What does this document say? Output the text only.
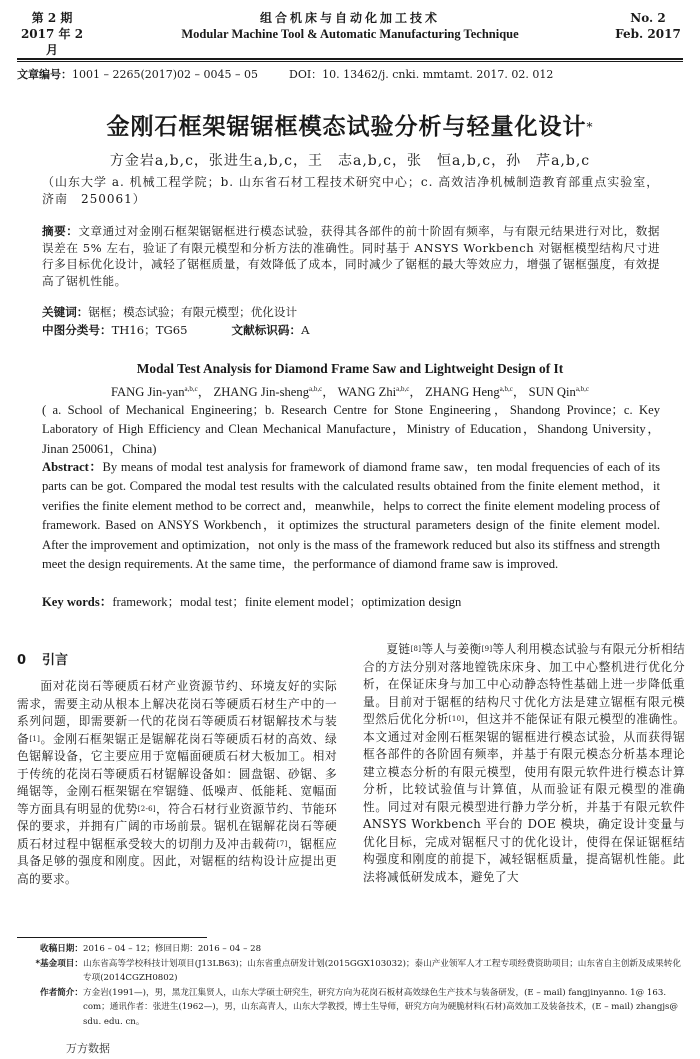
第 2 期
2017 年 2 月
组合机床与自动化加工技术
Modular Machine Tool & Automatic Manufacturing Technique
No. 2
Feb. 2017
文章编号：1001 – 2265(2017)02 – 0045 – 05	DOI：10. 13462/j. cnki. mmtamt. 2017. 02. 012
金刚石框架锯锯框模态试验分析与轻量化设计*
方金岩a,b,c，张进生a,b,c，王　志a,b,c，张　恒a,b,c，孙　芹a,b,c
（山东大学 a. 机械工程学院；b. 山东省石材工程技术研究中心；c. 高效洁净机械制造教育部重点实验室，济南　250061）
摘要：文章通过对金刚石框架锯锯框进行模态试验，获得其各部件的前十阶固有频率，与有限元结果进行对比，数据误差在 5% 左右，验证了有限元模型和分析方法的准确性。同时基于 ANSYS Workbench 对锯框模型结构尺寸进行多目标优化设计，减轻了锯框质量，有效降低了成本，同时减少了锯框的最大等效应力，增强了锯框强度，有效提高了锯机性能。
关键词：锯框；模态试验；有限元模型；优化设计
中图分类号：TH16；TG65	文献标识码：A
Modal Test Analysis for Diamond Frame Saw and Lightweight Design of It
FANG Jin-yan$^{a,b,c}$， ZHANG Jin-sheng$^{a,b,c}$， WANG Zhi$^{a,b,c}$， ZHANG Heng$^{a,b,c}$， SUN Qin$^{a,b,c}$
( a. School of Mechanical Engineering；b. Research Centre for Stone Engineering，Shandong Province；c. Key Laboratory of High Efficiency and Clean Mechanical Manufacture，Ministry of Education，Shandong University，Jinan 250061，China)
Abstract：By means of modal test analysis for framework of diamond frame saw，ten modal frequencies of each of its parts can be got. Compared the modal test results with the calculated results obtained from the finite element method，it verifies the finite element method to be correct and，meanwhile，helps to correct the finite element modeling process of framework. Based on ANSYS Workbench，it optimizes the structural parameters design of the finite element model. After the improvement and optimization，not only is the mass of the framework reduced but also its stiffness and strength meet the design requirements. At the same time，the performance of diamond frame saw is improved.
Key words：framework；modal test；finite element model；optimization design
0 引言

面对花岗石等硬质石材产业资源节约、环境友好的实际需求，需要主动从根本上解决花岗石等硬质石材生产中的一系列问题，即需要新一代的花岗石等硬质石材锯解技术与装备[1]。金刚石框架锯正是锯解花岗石等硬质石材的高效、绿色锯解设备，它主要应用于宽幅面硬质石材大板加工。相对于传统的花岗石等硬质石材锯解设备如：圆盘锯、砂锯、多绳锯等，金刚石框架锯在窄锯缝、低噪声、低能耗、宽幅面等方面具有明显的优势[2-6]，符合石材行业资源节约、节能环保的要求，并拥有广阔的市场前景。锯机在锯解花岗石等硬质石材过程中锯框承受较大的切削力及冲击载荷[7]，锯框应具备足够的强度和刚度。因此，对锯框的结构设计应提出更高的要求。

夏链[8]等人与姜衡[9]等人利用模态试验与有限元分析相结合的方法分别对落地镗铣床床身、加工中心整机进行优化分析，在保证床身与加工中心动静态特性基础上进一步降低重量。目前对于锯框的结构尺寸优化方法是建立锯框有限元模型然后优化分析[10]，但这并不能保证有限元模型的准确性。本文通过对金刚石框架锯的锯框进行模态试验，从而获得锯框各部件的各阶固有频率，并基于有限元模态分析基本理论建立模态分析的有限元模型，使用有限元软件进行模态计算分析，比较试验值与计算值，从而验证有限元模型的准确性。同过对有限元模型进行静力学分析，并基于有限元软件 ANSYS Workbench 平台的 DOE 模块，确定设计变量与优化目标，完成对锯框尺寸的优化设计，使得在保证锯框结构强度和刚度的前提下，减轻锯框质量，提高锯机性能。此法将减低研发成本，避免了大

收稿日期： 2016 – 04 – 12；修回日期：2016 – 04 – 28
*基金项目： 山东省高等学校科技计划项目(J13LB63)；山东省重点研发计划(2015GGX103032)；泰山产业领军人才工程专项经费资助项目；山东省自主创新及成果转化专项(2014CGZH0802)
作者简介： 方金岩(1991—)，男，黑龙江集贤人，山东大学硕士研究生，研究方向为花岗石板材高效绿色生产技术与装备研发，(E – mail) fangjinyanno. 1@ 163. com；通讯作者：张进生(1962—)，男，山东高青人，山东大学教授，博士生导师，研究方向为硬脆材料(石材)高效加工及装备技术，(E – mail) zhangjs@ sdu. edu. cn。
万方数据
